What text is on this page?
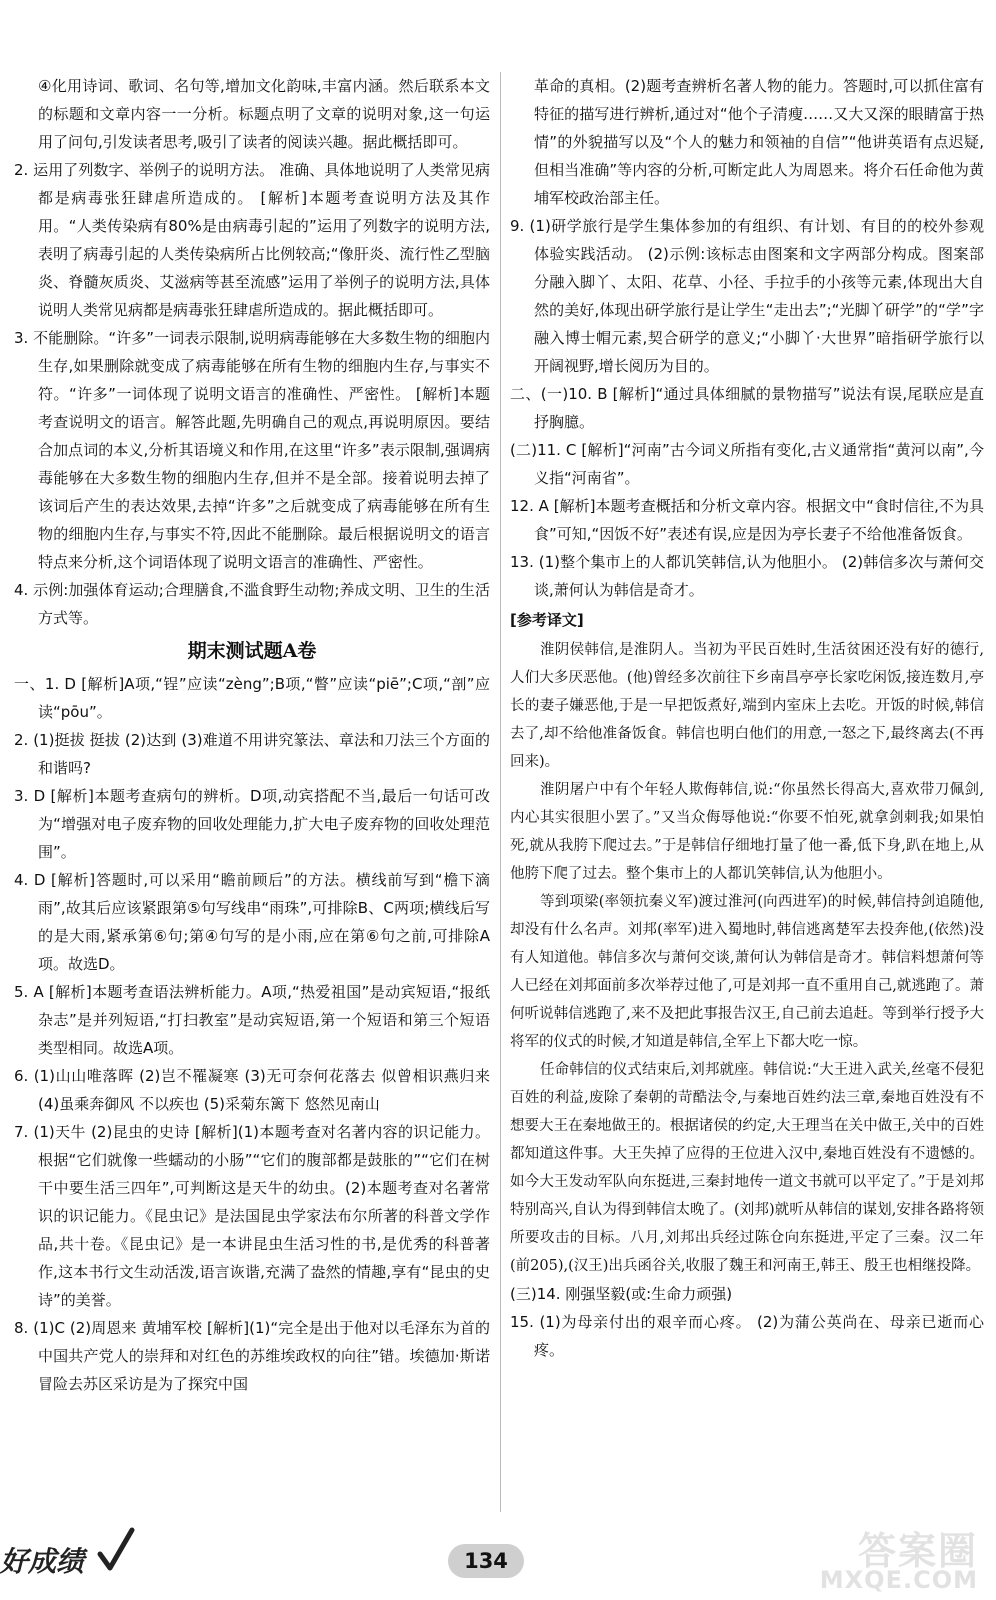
④化用诗词、歌词、名句等,增加文化韵味,丰富内涵。然后联系本文的标题和文章内容一一分析。标题点明了文章的说明对象,这一句运用了问句,引发读者思考,吸引了读者的阅读兴趣。据此概括即可。

2. 运用了列数字、举例子的说明方法。 准确、具体地说明了人类常见病都是病毒张狂肆虐所造成的。 [解析]本题考查说明方法及其作用。“人类传染病有80%是由病毒引起的”运用了列数字的说明方法,表明了病毒引起的人类传染病所占比例较高;“像肝炎、流行性乙型脑炎、脊髓灰质炎、艾滋病等甚至流感”运用了举例子的说明方法,具体说明人类常见病都是病毒张狂肆虐所造成的。据此概括即可。

3. 不能删除。“许多”一词表示限制,说明病毒能够在大多数生物的细胞内生存,如果删除就变成了病毒能够在所有生物的细胞内生存,与事实不符。“许多”一词体现了说明文语言的准确性、严密性。 [解析]本题考查说明文的语言。解答此题,先明确自己的观点,再说明原因。要结合加点词的本义,分析其语境义和作用,在这里“许多”表示限制,强调病毒能够在大多数生物的细胞内生存,但并不是全部。接着说明去掉了该词后产生的表达效果,去掉“许多”之后就变成了病毒能够在所有生物的细胞内生存,与事实不符,因此不能删除。最后根据说明文的语言特点来分析,这个词语体现了说明文语言的准确性、严密性。

4. 示例:加强体育运动;合理膳食,不滥食野生动物;养成文明、卫生的生活方式等。

期末测试题A卷

一、1. D [解析]A项,“锃”应读“zèng”;B项,“瞥”应读“piē”;C项,“剖”应读“pōu”。

2. (1)挺拔 挺拔 (2)达到 (3)难道不用讲究篆法、章法和刀法三个方面的和谐吗?

3. D [解析]本题考查病句的辨析。D项,动宾搭配不当,最后一句话可改为“增强对电子废弃物的回收处理能力,扩大电子废弃物的回收处理范围”。

4. D [解析]答题时,可以采用“瞻前顾后”的方法。横线前写到“檐下滴雨”,故其后应该紧跟第⑤句写线串“雨珠”,可排除B、C两项;横线后写的是大雨,紧承第⑥句;第④句写的是小雨,应在第⑥句之前,可排除A项。故选D。

5. A [解析]本题考查语法辨析能力。A项,“热爱祖国”是动宾短语,“报纸杂志”是并列短语,“打扫教室”是动宾短语,第一个短语和第三个短语类型相同。故选A项。

6. (1)山山唯落晖 (2)岂不罹凝寒 (3)无可奈何花落去 似曾相识燕归来 (4)虽乘奔御风 不以疾也 (5)采菊东篱下 悠然见南山

7. (1)天牛 (2)昆虫的史诗 [解析](1)本题考查对名著内容的识记能力。根据“它们就像一些蠕动的小肠”“它们的腹部都是鼓胀的”“它们在树干中要生活三四年”,可判断这是天牛的幼虫。(2)本题考查对名著常识的识记能力。《昆虫记》是法国昆虫学家法布尔所著的科普文学作品,共十卷。《昆虫记》是一本讲昆虫生活习性的书,是优秀的科普著作,这本书行文生动活泼,语言诙谐,充满了盎然的情趣,享有“昆虫的史诗”的美誉。

8. (1)C (2)周恩来 黄埔军校 [解析](1)“完全是出于他对以毛泽东为首的中国共产党人的崇拜和对红色的苏维埃政权的向往”错。埃德加·斯诺冒险去苏区采访是为了探究中国

革命的真相。(2)题考查辨析名著人物的能力。答题时,可以抓住富有特征的描写进行辨析,通过对“他个子清瘦……又大又深的眼睛富于热情”的外貌描写以及“个人的魅力和领袖的自信”“他讲英语有点迟疑,但相当准确”等内容的分析,可断定此人为周恩来。将介石任命他为黄埔军校政治部主任。

9. (1)研学旅行是学生集体参加的有组织、有计划、有目的的校外参观体验实践活动。 (2)示例:该标志由图案和文字两部分构成。图案部分融入脚丫、太阳、花草、小径、手拉手的小孩等元素,体现出大自然的美好,体现出研学旅行是让学生“走出去”;“光脚丫研学”的“学”字融入博士帽元素,契合研学的意义;“小脚丫·大世界”暗指研学旅行以开阔视野,增长阅历为目的。

二、(一)10. B [解析]“通过具体细腻的景物描写”说法有误,尾联应是直抒胸臆。

(二)11. C [解析]“河南”古今词义所指有变化,古义通常指“黄河以南”,今义指“河南省”。

12. A [解析]本题考查概括和分析文章内容。根据文中“食时信往,不为具食”可知,“因饭不好”表述有误,应是因为亭长妻子不给他准备饭食。

13. (1)整个集市上的人都讥笑韩信,认为他胆小。 (2)韩信多次与萧何交谈,萧何认为韩信是奇才。

[参考译文]

淮阴侯韩信,是淮阴人。当初为平民百姓时,生活贫困还没有好的德行,人们大多厌恶他。(他)曾经多次前往下乡南昌亭亭长家吃闲饭,接连数月,亭长的妻子嫌恶他,于是一早把饭煮好,端到内室床上去吃。开饭的时候,韩信去了,却不给他准备饭食。韩信也明白他们的用意,一怒之下,最终离去(不再回来)。

淮阴屠户中有个年轻人欺侮韩信,说:“你虽然长得高大,喜欢带刀佩剑,内心其实很胆小罢了。”又当众侮辱他说:“你要不怕死,就拿剑刺我;如果怕死,就从我胯下爬过去。”于是韩信仔细地打量了他一番,低下身,趴在地上,从他胯下爬了过去。整个集市上的人都讥笑韩信,认为他胆小。

等到项梁(率领抗秦义军)渡过淮河(向西进军)的时候,韩信持剑追随他,却没有什么名声。刘邦(率军)进入蜀地时,韩信逃离楚军去投奔他,(依然)没有人知道他。韩信多次与萧何交谈,萧何认为韩信是奇才。韩信料想萧何等人已经在刘邦面前多次举荐过他了,可是刘邦一直不重用自己,就逃跑了。萧何听说韩信逃跑了,来不及把此事报告汉王,自己前去追赶。等到举行授予大将军的仪式的时候,才知道是韩信,全军上下都大吃一惊。

任命韩信的仪式结束后,刘邦就座。韩信说:“大王进入武关,丝毫不侵犯百姓的利益,废除了秦朝的苛酷法令,与秦地百姓约法三章,秦地百姓没有不想要大王在秦地做王的。根据诸侯的约定,大王理当在关中做王,关中的百姓都知道这件事。大王失掉了应得的王位进入汉中,秦地百姓没有不遗憾的。如今大王发动军队向东挺进,三秦封地传一道文书就可以平定了。”于是刘邦特别高兴,自认为得到韩信太晚了。(刘邦)就听从韩信的谋划,安排各路将领所要攻击的目标。八月,刘邦出兵经过陈仓向东挺进,平定了三秦。汉二年(前205),(汉王)出兵函谷关,收服了魏王和河南王,韩王、殷王也相继投降。

(三)14. 刚强坚毅(或:生命力顽强)

15. (1)为母亲付出的艰辛而心疼。 (2)为蒲公英尚在、母亲已逝而心疼。

好成绩	134	答案圈
MXQE.COM
